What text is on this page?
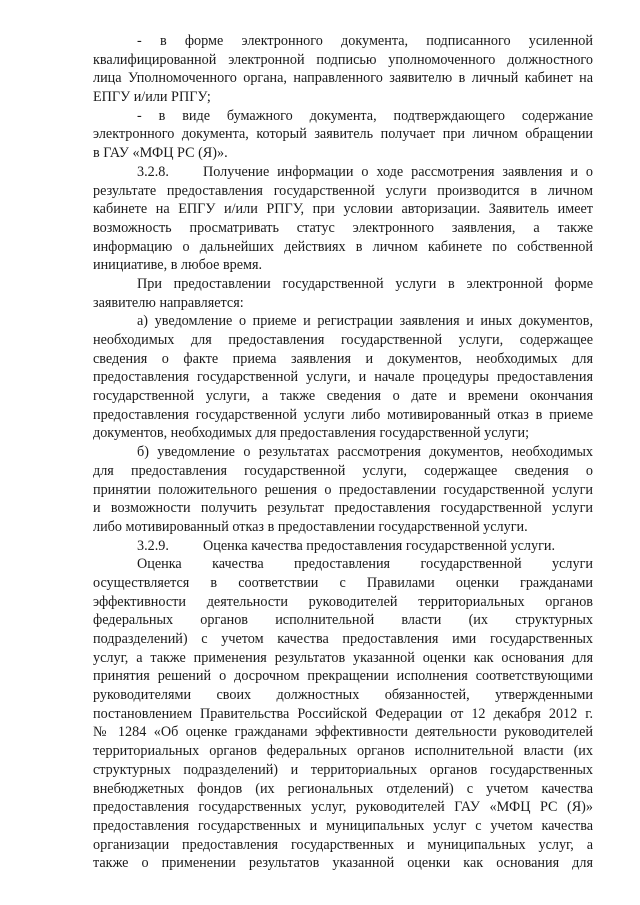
- в форме электронного документа, подписанного усиленной
квалифицированной электронной подписью уполномоченного должностного
лица Уполномоченного органа, направленного заявителю в личный кабинет на
ЕПГУ и/или РПГУ;
- в виде бумажного документа, подтверждающего содержание
электронного документа, который заявитель получает при личном обращении
в ГАУ «МФЦ РС (Я)».
3.2.8. Получение информации о ходе рассмотрения заявления и о
результате предоставления государственной услуги производится в личном
кабинете на ЕПГУ и/или РПГУ, при условии авторизации. Заявитель имеет
возможность просматривать статус электронного заявления, а также
информацию о дальнейших действиях в личном кабинете по собственной
инициативе, в любое время.
При предоставлении государственной услуги в электронной форме
заявителю направляется:
а) уведомление о приеме и регистрации заявления и иных документов,
необходимых для предоставления государственной услуги, содержащее
сведения о факте приема заявления и документов, необходимых для
предоставления государственной услуги, и начале процедуры предоставления
государственной услуги, а также сведения о дате и времени окончания
предоставления государственной услуги либо мотивированный отказ в приеме
документов, необходимых для предоставления государственной услуги;
б) уведомление о результатах рассмотрения документов, необходимых
для предоставления государственной услуги, содержащее сведения о
принятии положительного решения о предоставлении государственной услуги
и возможности получить результат предоставления государственной услуги
либо мотивированный отказ в предоставлении государственной услуги.
3.2.9. Оценка качества предоставления государственной услуги.
Оценка качества предоставления государственной услуги
осуществляется в соответствии с Правилами оценки гражданами
эффективности деятельности руководителей территориальных органов
федеральных органов исполнительной власти (их структурных
подразделений) с учетом качества предоставления ими государственных
услуг, а также применения результатов указанной оценки как основания для
принятия решений о досрочном прекращении исполнения соответствующими
руководителями своих должностных обязанностей, утвержденными
постановлением Правительства Российской Федерации от 12 декабря 2012 г.
№ 1284 «Об оценке гражданами эффективности деятельности руководителей
территориальных органов федеральных органов исполнительной власти (их
структурных подразделений) и территориальных органов государственных
внебюджетных фондов (их региональных отделений) с учетом качества
предоставления государственных услуг, руководителей ГАУ «МФЦ РС (Я)»
предоставления государственных и муниципальных услуг с учетом качества
организации предоставления государственных и муниципальных услуг, а
также о применении результатов указанной оценки как основания для
